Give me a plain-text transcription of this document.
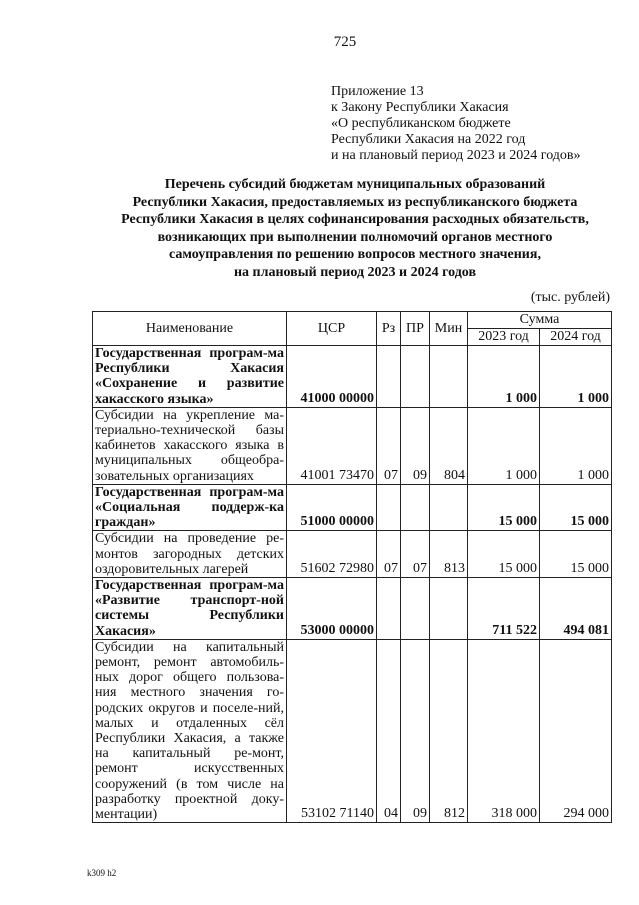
725
Приложение 13
к Закону Республики Хакасия
«О республиканском бюджете
Республики Хакасия на 2022 год
и на плановый период 2023 и 2024 годов»
Перечень субсидий бюджетам муниципальных образований
Республики Хакасия, предоставляемых из республиканского бюджета
Республики Хакасия в целях софинансирования расходных обязательств,
возникающих при выполнении полномочий органов местного
самоуправления по решению вопросов местного значения,
на плановый период 2023 и 2024 годов
(тыс. рублей)
Наименование	ЦСР	Рз	ПР	Мин	Сумма	
					2023 год	2024 год
Государственная програм-ма Республики Хакасия «Сохранение и развитие хакасского языка»	41000 00000				1 000	1 000
Субсидии на укрепление ма-териально-технической базы кабинетов хакасского языка в муниципальных общеобра-зовательных организациях	41001 73470	07	09	804	1 000	1 000
Государственная програм-ма «Социальная поддерж-ка граждан»	51000 00000				15 000	15 000
Субсидии на проведение ре-монтов загородных детских оздоровительных лагерей	51602 72980	07	07	813	15 000	15 000
Государственная програм-ма «Развитие транспорт-ной системы Республики Хакасия»	53000 00000				711 522	494 081
Субсидии на капитальный ремонт, ремонт автомобиль-ных дорог общего пользова-ния местного значения го-родских округов и поселе-ний, малых и отдаленных сёл Республики Хакасия, а также на капитальный ре-монт, ремонт искусственных сооружений (в том числе на разработку проектной доку-ментации)	53102 71140	04	09	812	318 000	294 000
k309 h2
